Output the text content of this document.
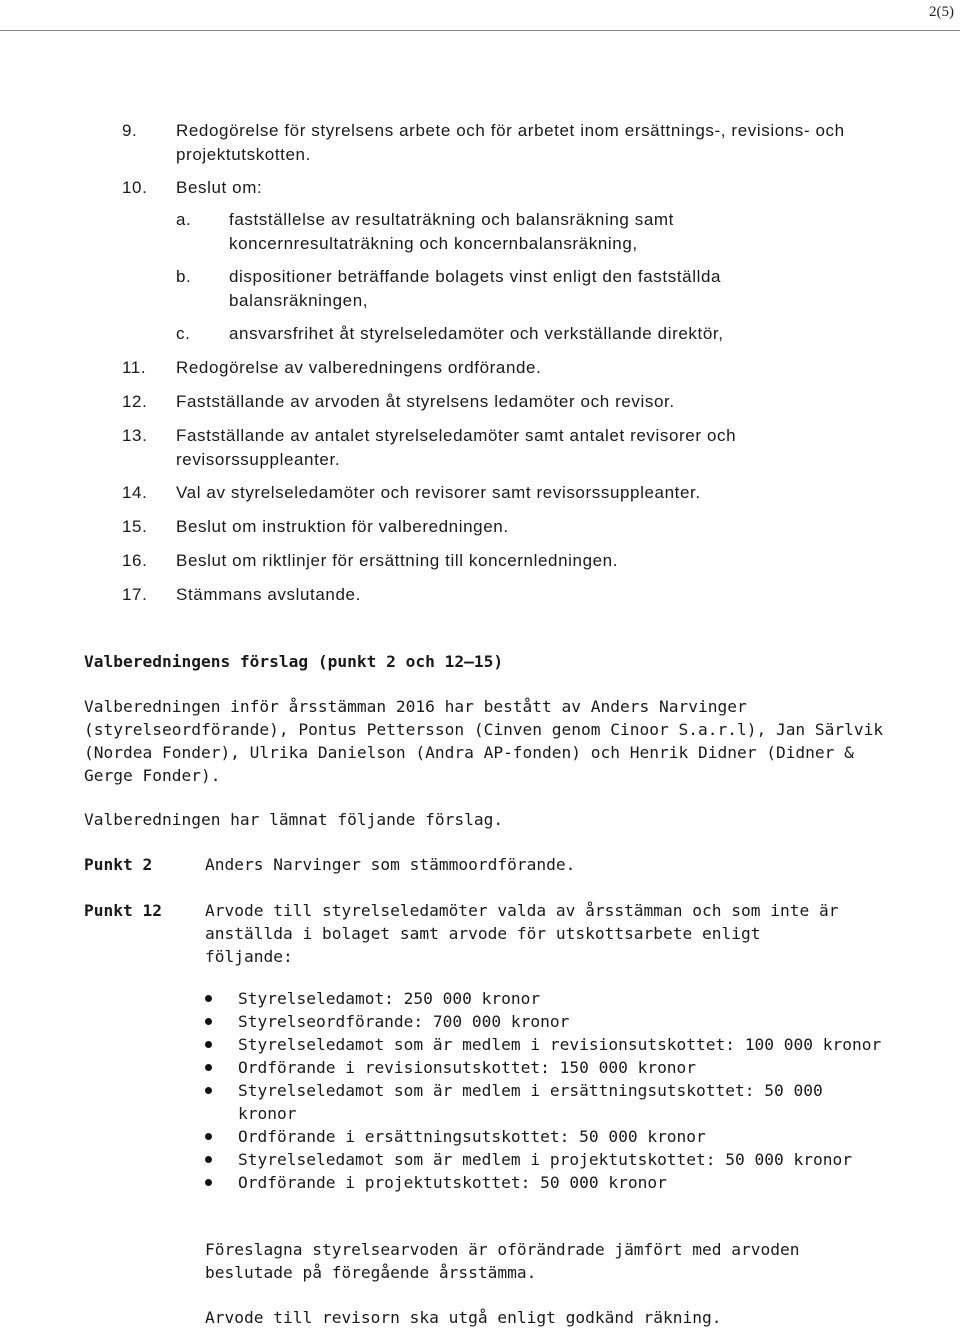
2(5)
9. Redogörelse för styrelsens arbete och för arbetet inom ersättnings-, revisions- och projektutskotten.
10. Beslut om:
a. fastställelse av resultaträkning och balansräkning samt koncernresultaträkning och koncernbalansräkning,
b. dispositioner beträffande bolagets vinst enligt den fastställda balansräkningen,
c. ansvarsfrihet åt styrelseledamöter och verkställande direktör,
11. Redogörelse av valberedningens ordförande.
12. Fastställande av arvoden åt styrelsens ledamöter och revisor.
13. Fastställande av antalet styrelseledamöter samt antalet revisorer och revisorssuppleanter.
14. Val av styrelseledamöter och revisorer samt revisorssuppleanter.
15. Beslut om instruktion för valberedningen.
16. Beslut om riktlinjer för ersättning till koncernledningen.
17. Stämmans avslutande.
Valberedningens förslag (punkt 2 och 12–15)
Valberedningen inför årsstämman 2016 har bestått av Anders Narvinger (styrelseordförande), Pontus Pettersson (Cinven genom Cinoor S.a.r.l), Jan Särlvik (Nordea Fonder), Ulrika Danielson (Andra AP-fonden) och Henrik Didner (Didner & Gerge Fonder).
Valberedningen har lämnat följande förslag.
Punkt 2	Anders Narvinger som stämmoordförande.
Punkt 12	Arvode till styrelseledamöter valda av årsstämman och som inte är anställda i bolaget samt arvode för utskottsarbete enligt följande:
Styrelseledamot: 250 000 kronor
Styrelseordförande: 700 000 kronor
Styrelseledamot som är medlem i revisionsutskottet: 100 000 kronor
Ordförande i revisionsutskottet: 150 000 kronor
Styrelseledamot som är medlem i ersättningsutskottet: 50 000 kronor
Ordförande i ersättningsutskottet: 50 000 kronor
Styrelseledamot som är medlem i projektutskottet: 50 000 kronor
Ordförande i projektutskottet: 50 000 kronor
Föreslagna styrelsearvoden är oförändrade jämfört med arvoden beslutade på föregående årsstämma.
Arvode till revisorn ska utgå enligt godkänd räkning.
